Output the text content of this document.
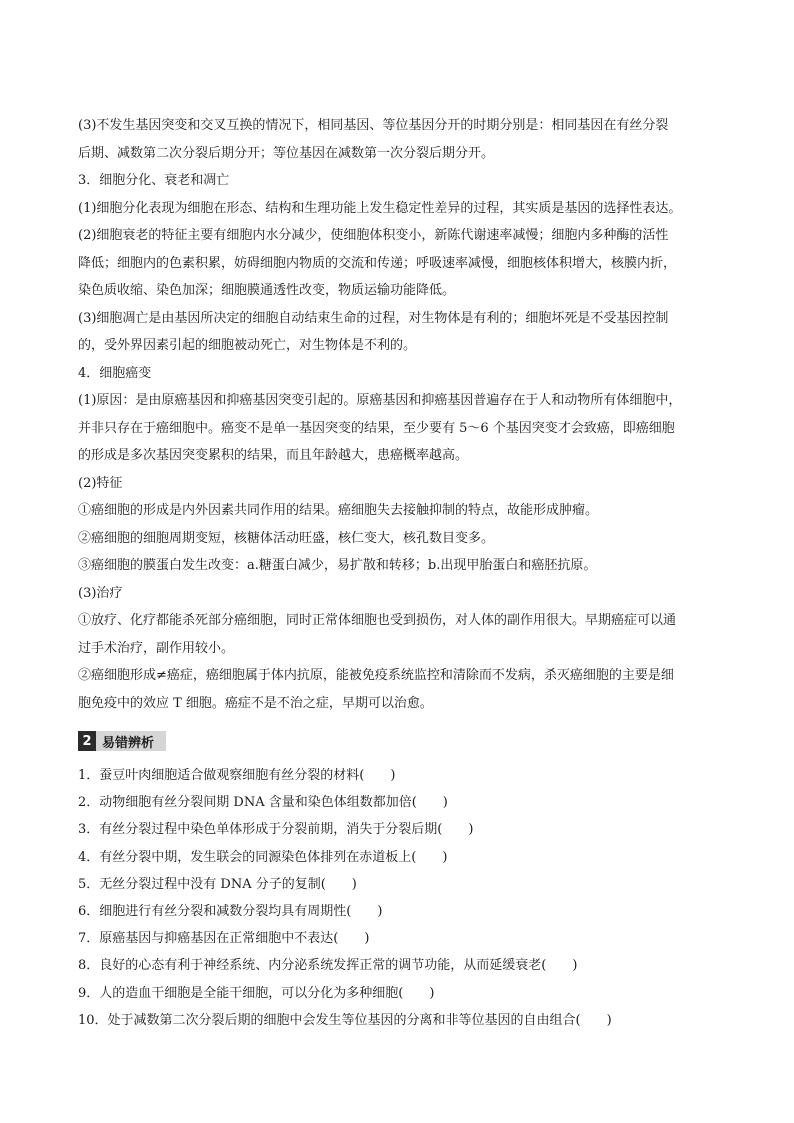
(3)不发生基因突变和交叉互换的情况下，相同基因、等位基因分开的时期分别是：相同基因在有丝分裂
后期、减数第二次分裂后期分开；等位基因在减数第一次分裂后期分开。
3．细胞分化、衰老和凋亡
(1)细胞分化表现为细胞在形态、结构和生理功能上发生稳定性差异的过程，其实质是基因的选择性表达。
(2)细胞衰老的特征主要有细胞内水分减少，使细胞体积变小，新陈代谢速率减慢；细胞内多种酶的活性
降低；细胞内的色素积累，妨碍细胞内物质的交流和传递；呼吸速率减慢，细胞核体积增大，核膜内折，
染色质收缩、染色加深；细胞膜通透性改变，物质运输功能降低。
(3)细胞凋亡是由基因所决定的细胞自动结束生命的过程，对生物体是有利的；细胞坏死是不受基因控制
的，受外界因素引起的细胞被动死亡，对生物体是不利的。
4．细胞癌变
(1)原因：是由原癌基因和抑癌基因突变引起的。原癌基因和抑癌基因普遍存在于人和动物所有体细胞中，
并非只存在于癌细胞中。癌变不是单一基因突变的结果，至少要有 5～6 个基因突变才会致癌，即癌细胞
的形成是多次基因突变累积的结果，而且年龄越大，患癌概率越高。
(2)特征
①癌细胞的形成是内外因素共同作用的结果。癌细胞失去接触抑制的特点，故能形成肿瘤。
②癌细胞的细胞周期变短，核糖体活动旺盛，核仁变大，核孔数目变多。
③癌细胞的膜蛋白发生改变：a.糖蛋白减少，易扩散和转移；b.出现甲胎蛋白和癌胚抗原。
(3)治疗
①放疗、化疗都能杀死部分癌细胞，同时正常体细胞也受到损伤，对人体的副作用很大。早期癌症可以通
过手术治疗，副作用较小。
②癌细胞形成≠癌症，癌细胞属于体内抗原，能被免疫系统监控和清除而不发病，杀灭癌细胞的主要是细
胞免疫中的效应 T 细胞。癌症不是不治之症，早期可以治愈。
2 易错辨析
1．蚕豆叶肉细胞适合做观察细胞有丝分裂的材料(　　)
2．动物细胞有丝分裂间期 DNA 含量和染色体组数都加倍(　　)
3．有丝分裂过程中染色单体形成于分裂前期，消失于分裂后期(　　)
4．有丝分裂中期，发生联会的同源染色体排列在赤道板上(　　)
5．无丝分裂过程中没有 DNA 分子的复制(　　)
6．细胞进行有丝分裂和减数分裂均具有周期性(　　)
7．原癌基因与抑癌基因在正常细胞中不表达(　　)
8．良好的心态有利于神经系统、内分泌系统发挥正常的调节功能，从而延缓衰老(　　)
9．人的造血干细胞是全能干细胞，可以分化为多种细胞(　　)
10．处于减数第二次分裂后期的细胞中会发生等位基因的分离和非等位基因的自由组合(　　)
